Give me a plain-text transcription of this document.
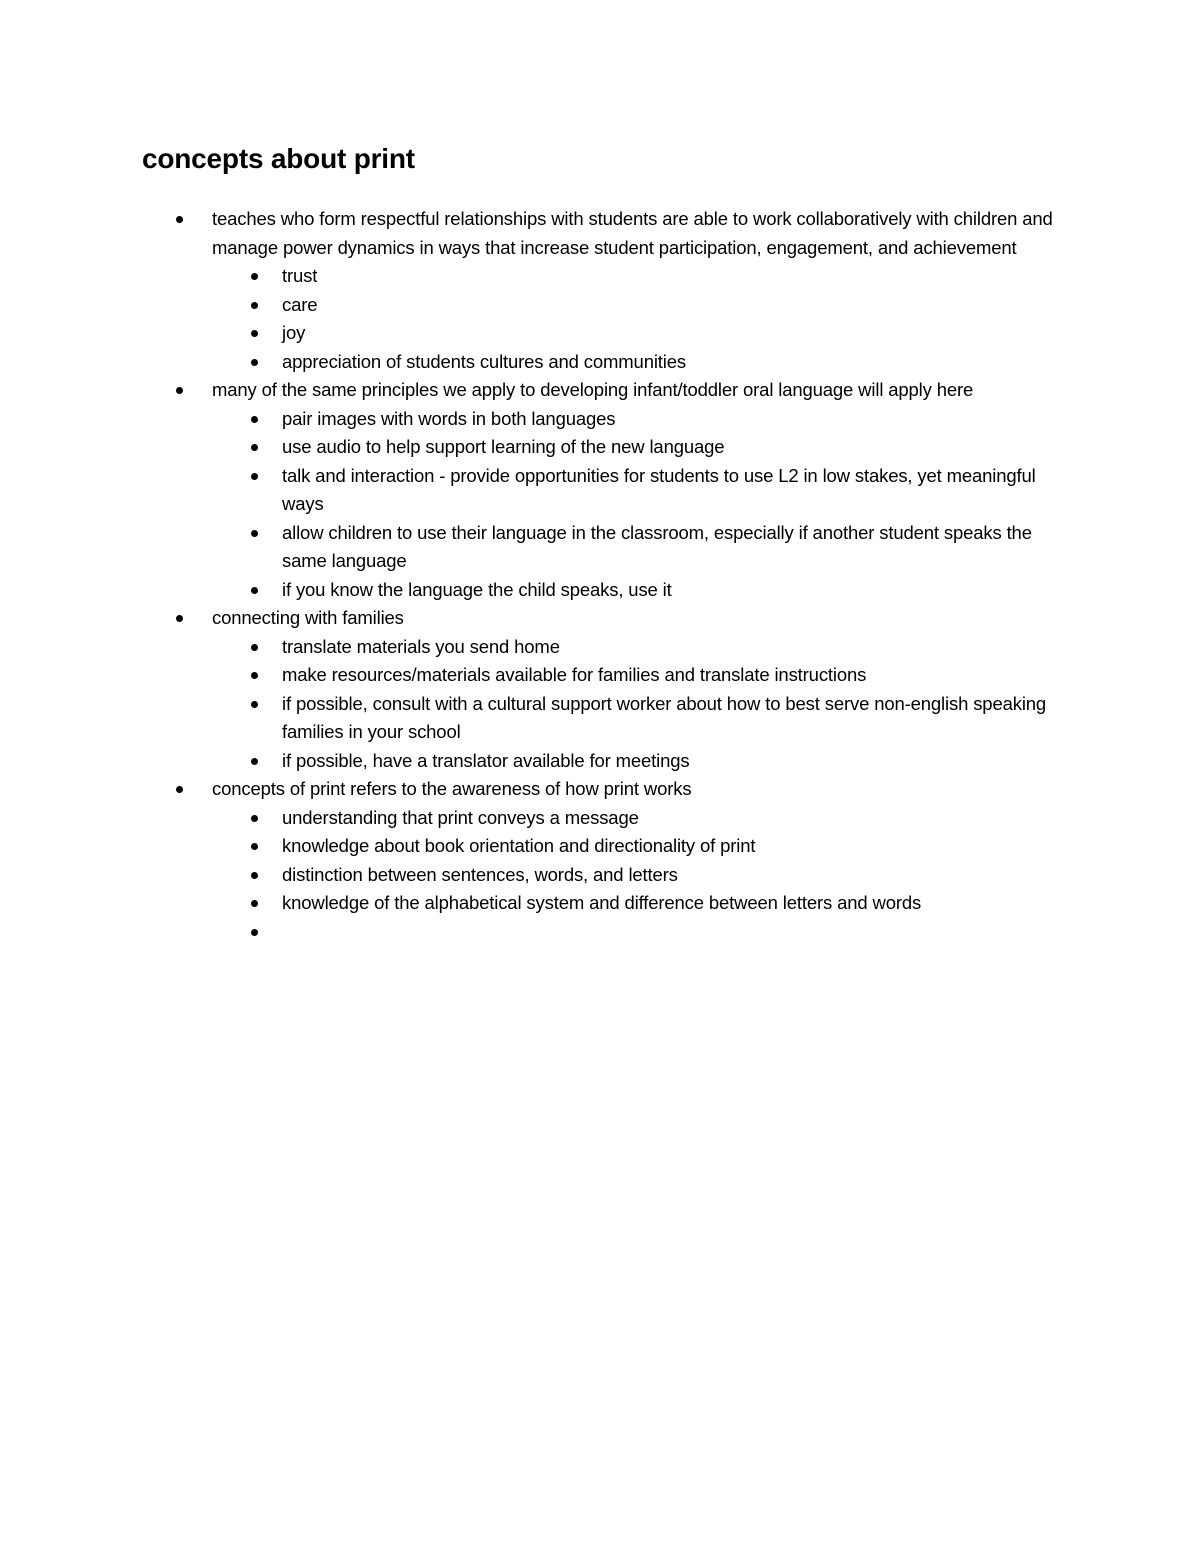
concepts about print
teaches who form respectful relationships with students are able to work collaboratively with children and manage power dynamics in ways that increase student participation, engagement, and achievement
trust
care
joy
appreciation of students cultures and communities
many of the same principles we apply to developing infant/toddler oral language will apply here
pair images with words in both languages
use audio to help support learning of the new language
talk and interaction - provide opportunities for students to use L2 in low stakes, yet meaningful ways
allow children to use their language in the classroom, especially if another student speaks the same language
if you know the language the child speaks, use it
connecting with families
translate materials you send home
make resources/materials available for families and translate instructions
if possible, consult with a cultural support worker about how to best serve non-english speaking families in your school
if possible, have a translator available for meetings
concepts of print refers to the awareness of how print works
understanding that print conveys a message
knowledge about book orientation and directionality of print
distinction between sentences, words, and letters
knowledge of the alphabetical system and difference between letters and words
